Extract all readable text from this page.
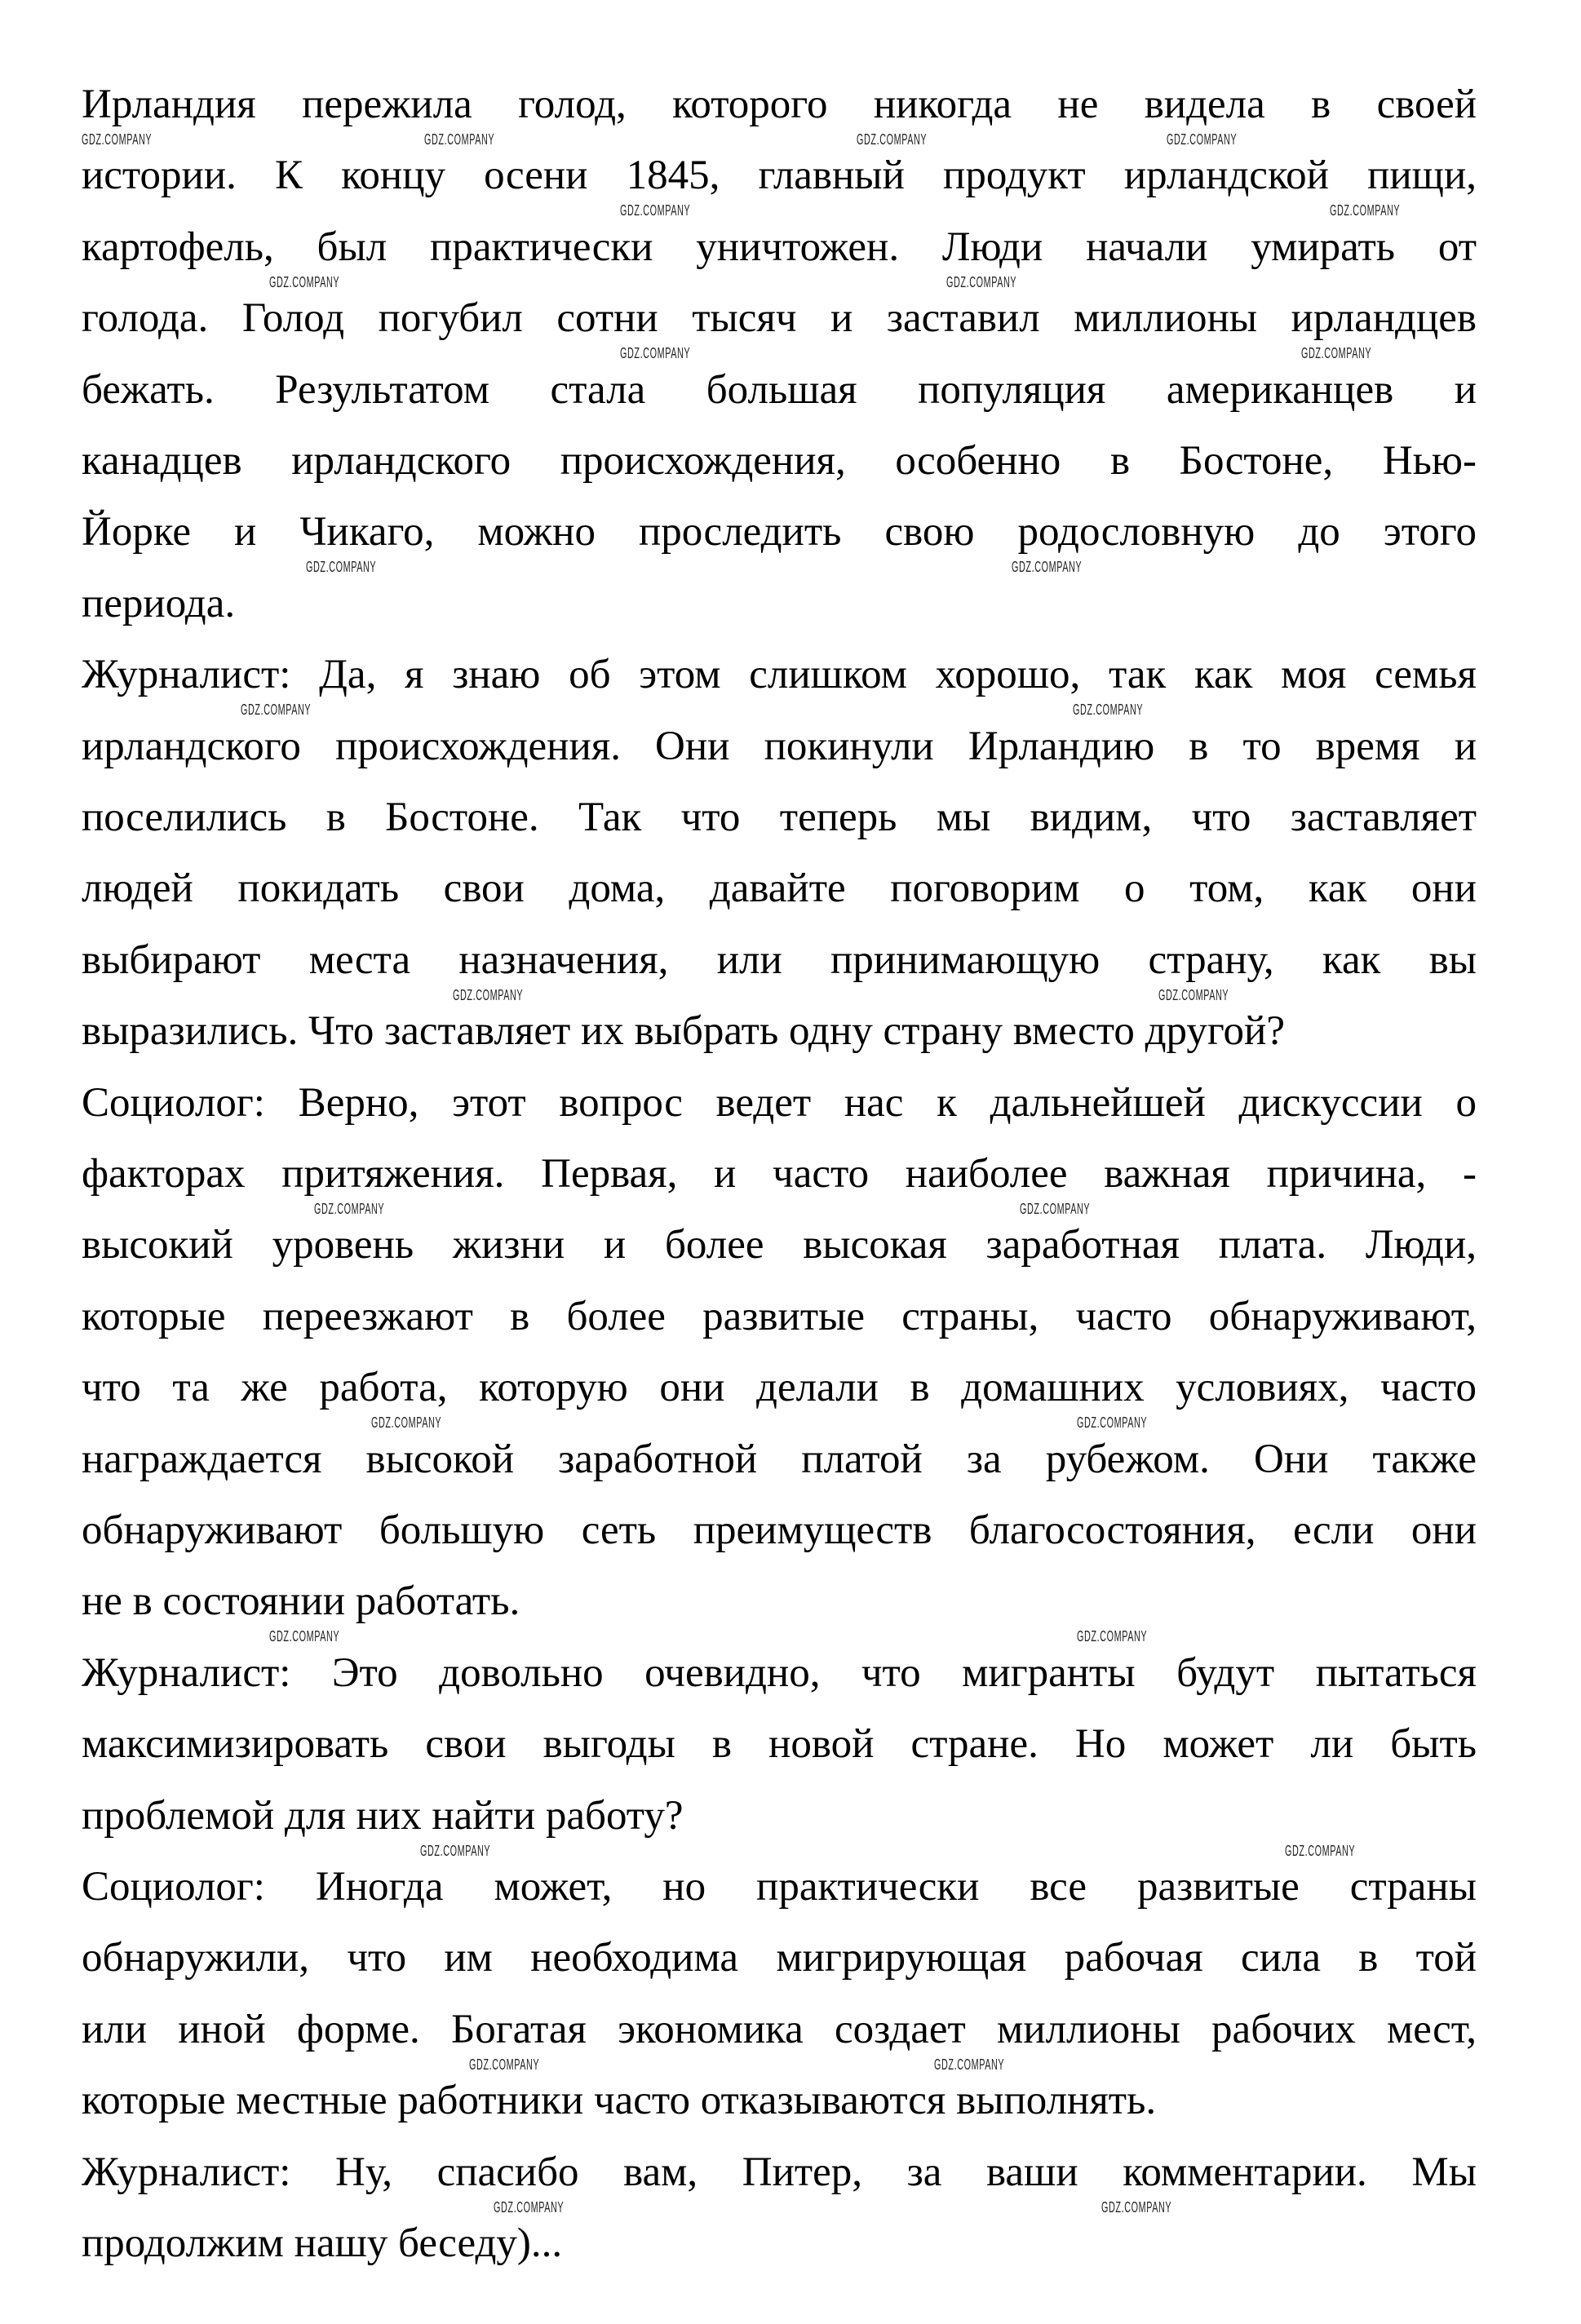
Ирландия пережила голод, которого никогда не видела в своей
истории. К концу осени 1845, главный продукт ирландской пищи,
картофель, был практически уничтожен. Люди начали умирать от
голода. Голод погубил сотни тысяч и заставил миллионы ирландцев
бежать. Результатом стала большая популяция американцев и
канадцев ирландского происхождения, особенно в Бостоне, Нью-
Йорке и Чикаго, можно проследить свою родословную до этого
периода.
Журналист: Да, я знаю об этом слишком хорошо, так как моя семья
ирландского происхождения. Они покинули Ирландию в то время и
поселились в Бостоне. Так что теперь мы видим, что заставляет
людей покидать свои дома, давайте поговорим о том, как они
выбирают места назначения, или принимающую страну, как вы
выразились. Что заставляет их выбрать одну страну вместо другой?
Социолог: Верно, этот вопрос ведет нас к дальнейшей дискуссии о
факторах притяжения. Первая, и часто наиболее важная причина, -
высокий уровень жизни и более высокая заработная плата. Люди,
которые переезжают в более развитые страны, часто обнаруживают,
что та же работа, которую они делали в домашних условиях, часто
награждается высокой заработной платой за рубежом. Они также
обнаруживают большую сеть преимуществ благосостояния, если они
не в состоянии работать.
Журналист: Это довольно очевидно, что мигранты будут пытаться
максимизировать свои выгоды в новой стране. Но может ли быть
проблемой для них найти работу?
Социолог: Иногда может, но практически все развитые страны
обнаружили, что им необходима мигрирующая рабочая сила в той
или иной форме. Богатая экономика создает миллионы рабочих мест,
которые местные работники часто отказываются выполнять.
Журналист: Ну, спасибо вам, Питер, за ваши комментарии. Мы
продолжим нашу беседу)...
GDZ.COMPANY	GDZ.COMPANY	GDZ.COMPANY	GDZ.COMPANY
GDZ.COMPANY	GDZ.COMPANY
GDZ.COMPANY	GDZ.COMPANY
GDZ.COMPANY	GDZ.COMPANY
GDZ.COMPANY	GDZ.COMPANY
GDZ.COMPANY	GDZ.COMPANY
GDZ.COMPANY	GDZ.COMPANY
GDZ.COMPANY	GDZ.COMPANY
GDZ.COMPANY	GDZ.COMPANY
GDZ.COMPANY	GDZ.COMPANY
GDZ.COMPANY	GDZ.COMPANY
GDZ.COMPANY	GDZ.COMPANY
GDZ.COMPANY	GDZ.COMPANY
